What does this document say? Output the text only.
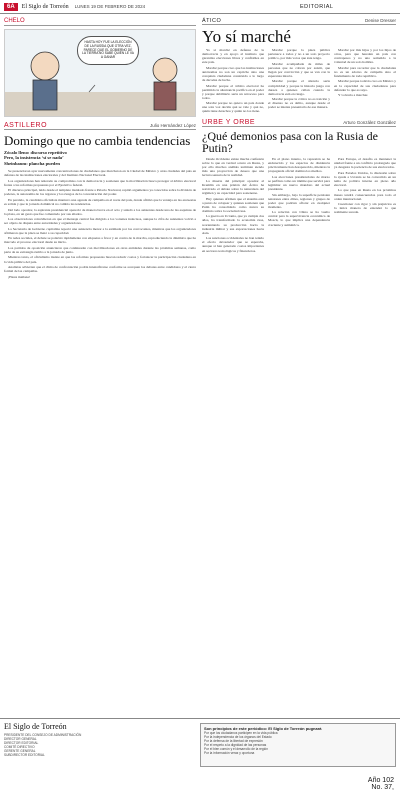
6A	El Siglo de Torreón LUNES 19 DE FEBRERO DE 2024	EDITORIAL
CHELO
HASTA HOY FUE LA ELECCIÓN DE LA RUSSIA QUE OTRA VEZ, PARECE QUE EL GOBIERNO DE LA TIERRA NO SABE QUIÉN LE VA A GANAR
ASTILLERO	Julio Hernández López
Domingo que no cambia tendencias
Zócalo lleno: discurso repetitivo
Pero, la insistencia ‘sí se nada’
Sheinbaum: plancha pueden

Se presenciaron ayer nuevamente concentraciones de ciudadanos que marcharon en la Ciudad de México y otras ciudades del país en defensa de las instituciones electorales y del Instituto Nacional Electoral.

Los organizadores han reiterado su compromiso con la democracia y sostienen que la movilización busca proteger al árbitro electoral frente a las reformas propuestas por el Ejecutivo federal.

El discurso principal, leído desde el templete instalado frente a Palacio Nacional, repitió argumentos ya conocidos sobre la división de poderes, la autonomía de los órganos y los riesgos de la concentración del poder.

En paralelo, la candidata oficialista mantuvo una agenda de campaña en el norte del país, donde afirmó que la ventaja en las encuestas es sólida y que la jornada dominical no cambia las tendencias.

Del lado opositor, la aspirante presidencial apareció de manera breve en el acto y saludó a los asistentes desde una de las esquinas de la plaza, en un gesto que fue comentado por sus aliados.

Los observadores coincidieron en que el mensaje central fue dirigido a los votantes indecisos, aunque la cifra de asistentes volvió a ser objeto de disputa entre autoridades y organizadores.

La Secretaría de Gobierno capitalina reportó una asistencia menor a la estimada por los convocantes, mientras que los organizadores afirmaron que la plaza se llenó a su capacidad.

En redes sociales, el debate se polarizó rápidamente con etiquetas a favor y en contra de la marcha, reproduciendo la dinámica que ha marcado el proceso electoral desde su inicio.

Los partidos de oposición anunciaron que continuarán con movilizaciones en otras entidades durante las próximas semanas, como parte de su estrategia rumbo a la jornada de junio.

Mientras tanto, el oficialismo insiste en que las reformas propuestas buscan reducir costos y fortalecer la participación ciudadana en la vida pública del país.

Analistas advierten que el clima de confrontación podría intensificarse conforme se acerquen los debates entre candidatos y el cierre formal de las campañas.

¡Hasta mañana!

ÁTICO	Denise Dresser
Yo sí marché

Yo sí marché en defensa de la democracia y en apoyo al instituto que garantiza elecciones libres y confiables en este país.

Marché porque creo que las instituciones autónomas no son un capricho sino una conquista ciudadana construida a lo largo de décadas de lucha.

Marché porque el árbitro electoral ha permitido la alternancia pacífica en el poder y porque debilitarlo sería un retroceso para todos.

Marché porque no quiero un país donde una sola voz decida qué se vale y qué no, quién tiene derechos y quién no los tiene.

Marché porque la plaza pública pertenece a todos y no a un solo proyecto político, por más votos que éste tenga.

Marché acompañada de miles de personas que no cobran por asistir, que llegan por convicción y que se van con la esperanza intacta.

Marché porque el silencio sería complicidad y porque la historia juzga con dureza a quienes callan cuando la democracia está en riesgo.

Marché porque la crítica no es traición y el disenso no es delito, aunque desde el poder se intente presentarlo de esa manera.

Marché por mis hijos y por los hijos de otros, para que hereden un país con contrapesos y no uno sometido a la voluntad de un solo hombre.

Marché para recordar que la ciudadanía no es un adorno de campaña sino el fundamento de toda república.

Marché porque todavía creo en México y en la capacidad de sus ciudadanos para defender lo que es suyo.

Y volvería a marchar.

URBE Y ORBE	Arturo González González
¿Qué demonios pasa con la Rusia de Putin?

Desde Occidente existe mucha confusión sobre lo que en verdad ocurre en Rusia, y por ello muchos análisis terminan siendo más una proyección de deseos que una lectura sensata de la realidad.

La muerte del principal opositor al Kremlin en una prisión del Ártico ha reavivado el debate sobre la naturaleza del régimen y su capacidad para sostenerse.

Hay quienes afirman que el sistema está a punto de colapsar y quienes sostienen que Putin ha consolidado como nunca su dominio sobre la sociedad rusa.

La guerra en Ucrania, que ya cumple dos años, ha transformado la economía rusa, reorientando su producción hacia la industria militar y sus exportaciones hacia Asia.

Las sanciones occidentales no han tenido el efecto devastador que se esperaba, aunque sí han generado costos importantes en sectores tecnológicos y financieros.

En el plano interno, la represión se ha endurecido y los espacios de disidencia prácticamente han desaparecido, mientras la propaganda oficial domina los medios.

Las elecciones presidenciales de marzo se perfilan como un trámite que servirá para legitimar un nuevo mandato del actual presidente.

Sin embargo, bajo la superficie persisten tensiones entre élites, regiones y grupos de poder que podrían aflorar en cualquier momento.

La relación con China se ha vuelto central para la supervivencia económica de Moscú, lo que implica una dependencia creciente y asimétrica.

Para Europa, el desafío es mantener la unidad frente a un conflicto prolongado que ya desgasta la paciencia de sus electorados.

Para Estados Unidos, la discusión sobre la ayuda a Ucrania se ha convertido en un tema de política interna en pleno año electoral.

Lo que pase en Rusia en los próximos meses tendrá consecuencias para todo el orden internacional.

Cuestionar con rigor y sin prejuicios es la única manera de entender lo que realmente sucede.

El Siglo de Torreón
PRESIDENTE DEL CONSEJO DE ADMINISTRACIÓN
DIRECTOR GENERAL
DIRECTOR EDITORIAL
COMITÉ DIRECTIVO
GERENTE GENERAL
SUBDIRECTOR EDITORIAL
Son principios de este periódico: El Siglo de Torreón pugnará
Por que los ciudadanos participen en la vida pública
Por la independencia de los órganos del Estado
Por la defensa de la libertad de expresión
Por el respeto a la dignidad de las personas
Por el bien común y el desarrollo de la región
Por la información veraz y oportuna
Año 102
No. 37,
